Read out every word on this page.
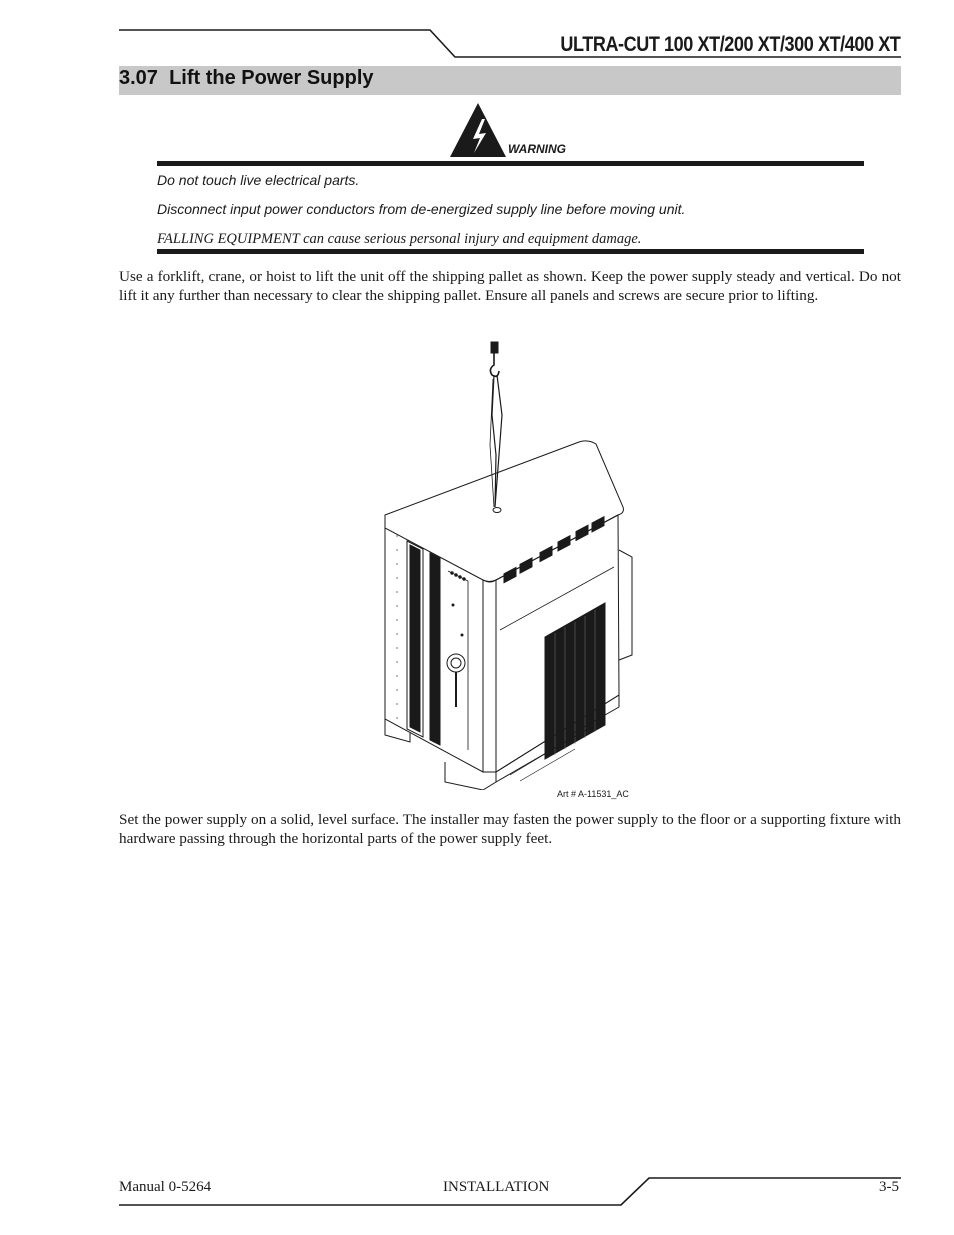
ULTRA-CUT 100 XT/200 XT/300 XT/400 XT
3.07 Lift the Power Supply
WARNING
Do not touch live electrical parts.
Disconnect input power conductors from de-energized supply line before moving unit.
FALLING EQUIPMENT can cause serious personal injury and equipment damage.
Use a forklift, crane, or hoist to lift the unit off the shipping pallet as shown. Keep the power supply steady and vertical. Do not lift it any further than necessary to clear the shipping pallet. Ensure all panels and screws are secure prior to lifting.
Art # A-11531_AC
Set the power supply on a solid, level surface. The installer may fasten the power supply to the floor or a supporting fixture with hardware passing through the horizontal parts of the power supply feet.
Manual 0-5264	INSTALLATION	3-5
